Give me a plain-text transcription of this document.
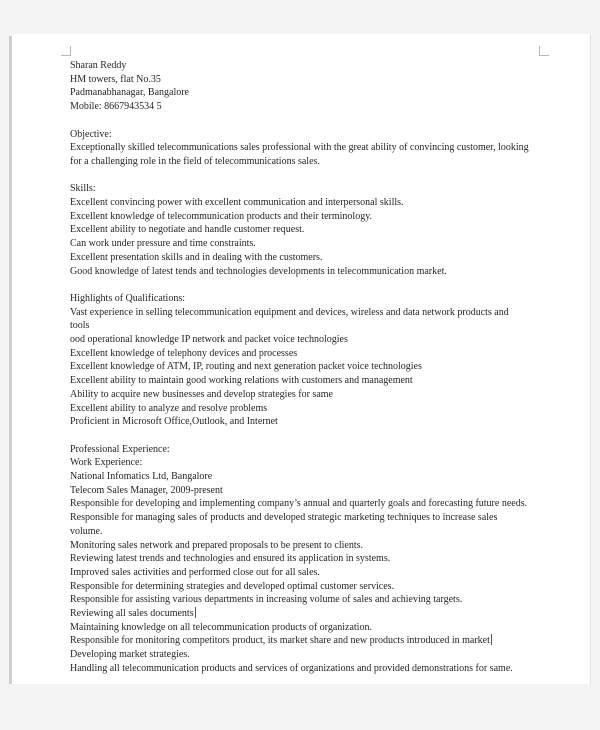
Sharan Reddy
HM towers, flat No.35
Padmanabhanagar, Bangalore
Mobile: 8667943534 5
Objective:
Exceptionally skilled telecommunications sales professional with the great ability of convincing customer, looking
for a challenging role in the field of telecommunications sales.
Skills:
Excellent convincing power with excellent communication and interpersonal skills.
Excellent knowledge of telecommunication products and their terminology.
Excellent ability to negotiate and handle customer request.
Can work under pressure and time constraints.
Excellent presentation skills and in dealing with the customers.
Good knowledge of latest tends and technologies developments in telecommunication market.
Highlights of Qualifications:
Vast experience in selling telecommunication equipment and devices, wireless and data network products and
tools
ood operational knowledge IP network and packet voice technologies
Excellent knowledge of telephony devices and processes
Excellent knowledge of ATM, IP, routing and next generation packet voice technologies
Excellent ability to maintain good working relations with customers and management
Ability to acquire new businesses and develop strategies for same
Excellent ability to analyze and resolve problems
Proficient in Microsoft Office,Outlook, and Internet
Professional Experience:
Work Experience:
National Infomatics Ltd, Bangalore
Telecom Sales Manager, 2009-present
Responsible for developing and implementing company’s annual and quarterly goals and forecasting future needs.
Responsible for managing sales of products and developed strategic marketing techniques to increase sales
volume.
Monitoring sales network and prepared proposals to be present to clients.
Reviewing latest trends and technologies and ensured its application in systems.
Improved sales activities and performed close out for all sales.
Responsible for determining strategies and developed optimal customer services.
Responsible for assisting various departments in increasing volume of sales and achieving targets.
Reviewing all sales documents
Maintaining knowledge on all telecommunication products of organization.
Responsible for monitoring competitors product, its market share and new products introduced in market
Developing market strategies.
Handling all telecommunication products and services of organizations and provided demonstrations for same.
